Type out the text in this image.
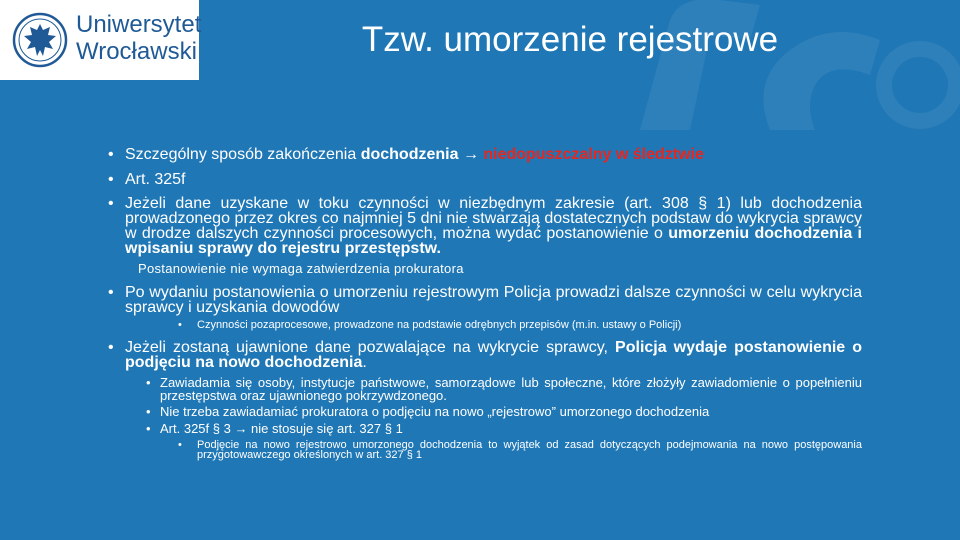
Uniwersytet
Wrocławski	Tzw. umorzenie rejestrowe
• Szczególny sposób zakończenia dochodzenia → niedopuszczalny w śledztwie
• Art. 325f
• Jeżeli dane uzyskane w toku czynności w niezbędnym zakresie (art. 308 § 1) lub dochodzenia prowadzonego przez okres co najmniej 5 dni nie stwarzają dostatecznych podstaw do wykrycia sprawcy w drodze dalszych czynności procesowych, można wydać postanowienie o umorzeniu dochodzenia i wpisaniu sprawy do rejestru przestępstw.
Postanowienie nie wymaga zatwierdzenia prokuratora
• Po wydaniu postanowienia o umorzeniu rejestrowym Policja prowadzi dalsze czynności w celu wykrycia sprawcy i uzyskania dowodów
• Czynności pozaprocesowe, prowadzone na podstawie odrębnych przepisów (m.in. ustawy o Policji)
• Jeżeli zostaną ujawnione dane pozwalające na wykrycie sprawcy, Policja wydaje postanowienie o podjęciu na nowo dochodzenia.
• Zawiadamia się osoby, instytucje państwowe, samorządowe lub społeczne, które złożyły zawiadomienie o popełnieniu przestępstwa oraz ujawnionego pokrzywdzonego.
• Nie trzeba zawiadamiać prokuratora o podjęciu na nowo „rejestrowo” umorzonego dochodzenia
• Art. 325f § 3 → nie stosuje się art. 327 § 1
• Podjęcie na nowo rejestrowo umorzonego dochodzenia to wyjątek od zasad dotyczących podejmowania na nowo postępowania przygotowawczego określonych w art. 327 § 1
